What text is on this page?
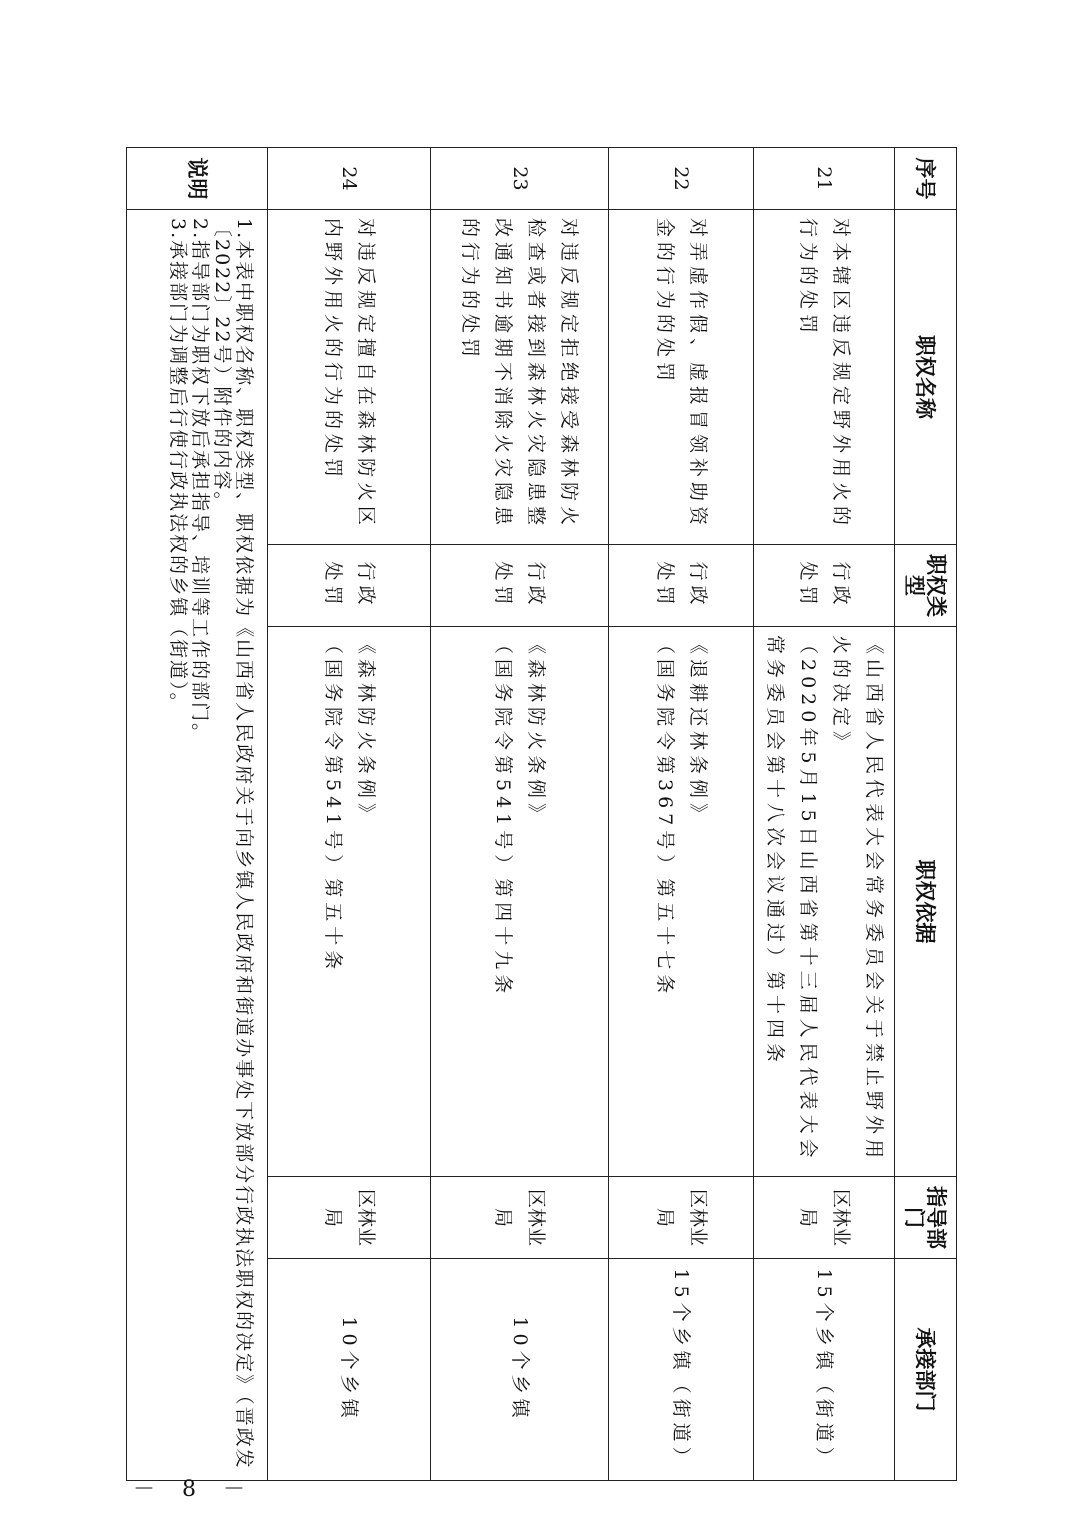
序号	职权名称	职权类型	职权依据	指导部门	承接部门
21	对本辖区违反规定野外用火的行为的处罚	行政处罚	《山西省人民代表大会常务委员会关于禁止野外用火的决定》
（2020年5月15日山西省第十三届人民代表大会常务委员会第十八次会议通过）第十四条	区林业局	15个乡镇（街道）
22	对弄虚作假、虚报冒领补助资金的行为的处罚	行政处罚	《退耕还林条例》
（国务院令第367号）第五十七条	区林业局	15个乡镇（街道）
23	对违反规定拒绝接受森林防火检查或者接到森林火灾隐患整改通知书逾期不消除火灾隐患的行为的处罚	行政处罚	《森林防火条例》
（国务院令第541号）第四十九条	区林业局	10个乡镇
24	对违反规定擅自在森林防火区内野外用火的行为的处罚	行政处罚	《森林防火条例》
（国务院令第541号）第五十条	区林业局	10个乡镇
说明	1.本表中职权名称、职权类型、职权依据为《山西省人民政府关于向乡镇人民政府和街道办事处下放部分行政执法职权的决定》（晋政发〔2022〕22号）附件的内容。
2.指导部门为职权下放后承担指导、培训等工作的部门。
3.承接部门为调整后行使行政执法权的乡镇（街道）。				
－ 8 －
